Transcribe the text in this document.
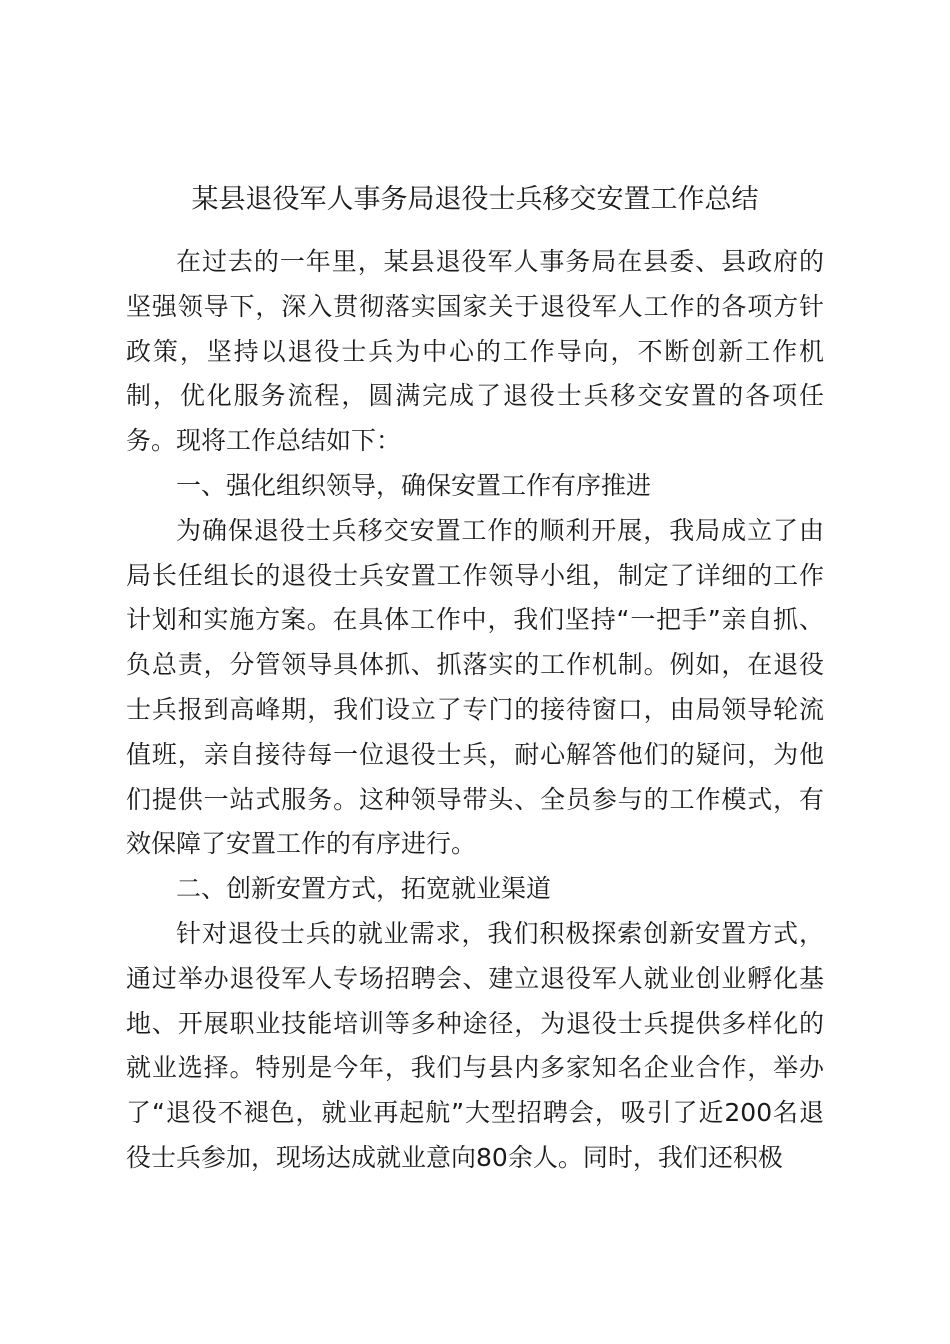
某县退役军人事务局退役士兵移交安置工作总结

在过去的一年里，某县退役军人事务局在县委、县政府的坚强领导下，深入贯彻落实国家关于退役军人工作的各项方针政策，坚持以退役士兵为中心的工作导向，不断创新工作机制，优化服务流程，圆满完成了退役士兵移交安置的各项任务。现将工作总结如下：

一、强化组织领导，确保安置工作有序推进

为确保退役士兵移交安置工作的顺利开展，我局成立了由局长任组长的退役士兵安置工作领导小组，制定了详细的工作计划和实施方案。在具体工作中，我们坚持“一把手”亲自抓、负总责，分管领导具体抓、抓落实的工作机制。例如，在退役士兵报到高峰期，我们设立了专门的接待窗口，由局领导轮流值班，亲自接待每一位退役士兵，耐心解答他们的疑问，为他们提供一站式服务。这种领导带头、全员参与的工作模式，有效保障了安置工作的有序进行。

二、创新安置方式，拓宽就业渠道

针对退役士兵的就业需求，我们积极探索创新安置方式，通过举办退役军人专场招聘会、建立退役军人就业创业孵化基地、开展职业技能培训等多种途径，为退役士兵提供多样化的就业选择。特别是今年，我们与县内多家知名企业合作，举办了“退役不褪色，就业再起航”大型招聘会，吸引了近200名退役士兵参加，现场达成就业意向80余人。同时，我们还积极
